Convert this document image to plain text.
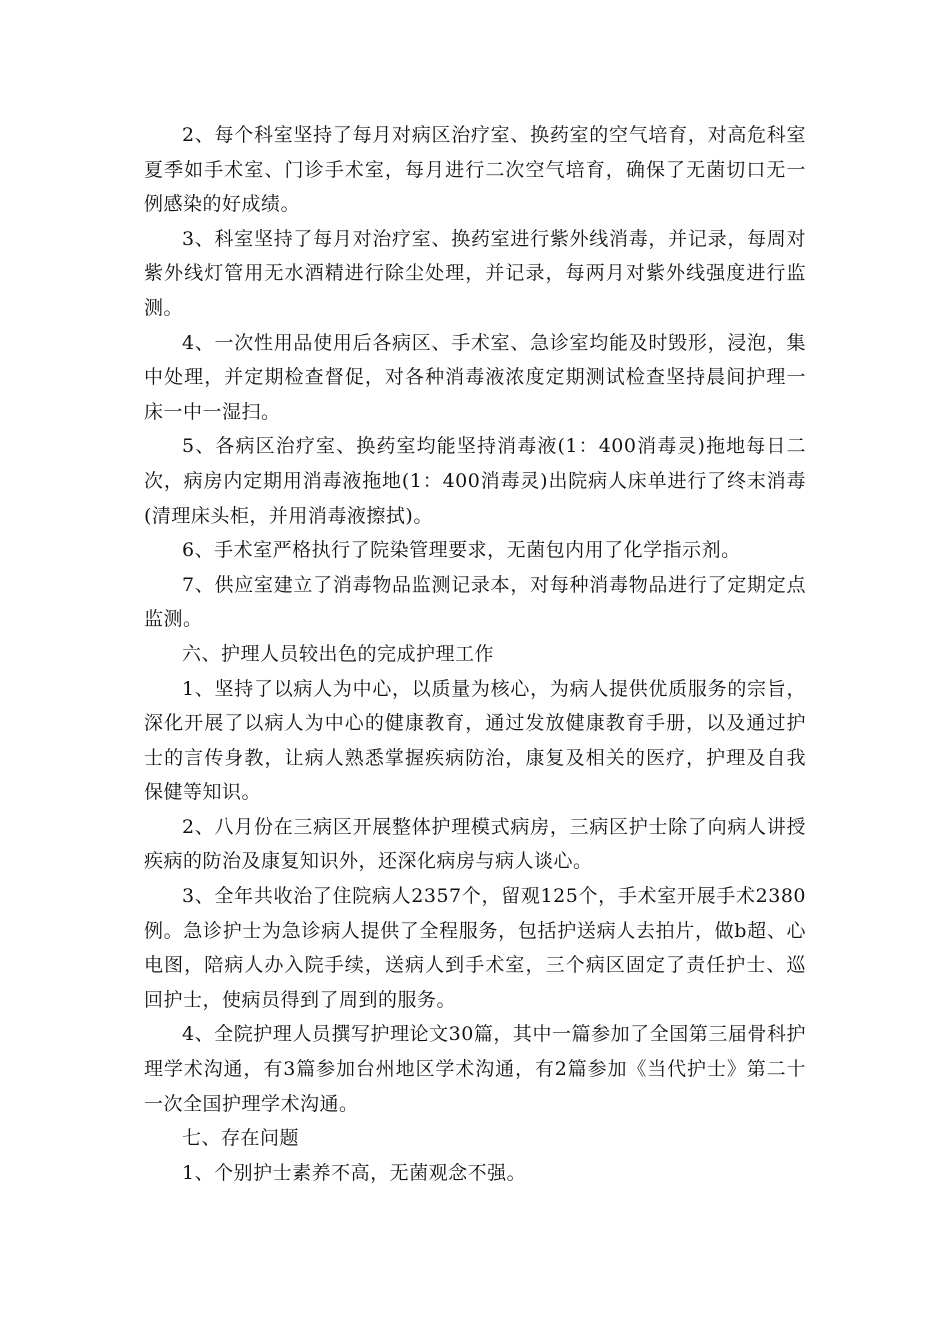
2、每个科室坚持了每月对病区治疗室、换药室的空气培育，对高危科室夏季如手术室、门诊手术室，每月进行二次空气培育，确保了无菌切口无一例感染的好成绩。

3、科室坚持了每月对治疗室、换药室进行紫外线消毒，并记录，每周对紫外线灯管用无水酒精进行除尘处理，并记录，每两月对紫外线强度进行监测。

4、一次性用品使用后各病区、手术室、急诊室均能及时毁形，浸泡，集中处理，并定期检查督促，对各种消毒液浓度定期测试检查坚持晨间护理一床一中一湿扫。

5、各病区治疗室、换药室均能坚持消毒液(1：400消毒灵)拖地每日二次，病房内定期用消毒液拖地(1：400消毒灵)出院病人床单进行了终末消毒(清理床头柜，并用消毒液擦拭)。

6、手术室严格执行了院染管理要求，无菌包内用了化学指示剂。

7、供应室建立了消毒物品监测记录本，对每种消毒物品进行了定期定点监测。

六、护理人员较出色的完成护理工作

1、坚持了以病人为中心，以质量为核心，为病人提供优质服务的宗旨，深化开展了以病人为中心的健康教育，通过发放健康教育手册，以及通过护士的言传身教，让病人熟悉掌握疾病防治，康复及相关的医疗，护理及自我保健等知识。

2、八月份在三病区开展整体护理模式病房，三病区护士除了向病人讲授疾病的防治及康复知识外，还深化病房与病人谈心。

3、全年共收治了住院病人2357个，留观125个，手术室开展手术2380例。急诊护士为急诊病人提供了全程服务，包括护送病人去拍片，做b超、心电图，陪病人办入院手续，送病人到手术室，三个病区固定了责任护士、巡回护士，使病员得到了周到的服务。

4、全院护理人员撰写护理论文30篇，其中一篇参加了全国第三届骨科护理学术沟通，有3篇参加台州地区学术沟通，有2篇参加《当代护士》第二十一次全国护理学术沟通。

七、存在问题

1、个别护士素养不高，无菌观念不强。
